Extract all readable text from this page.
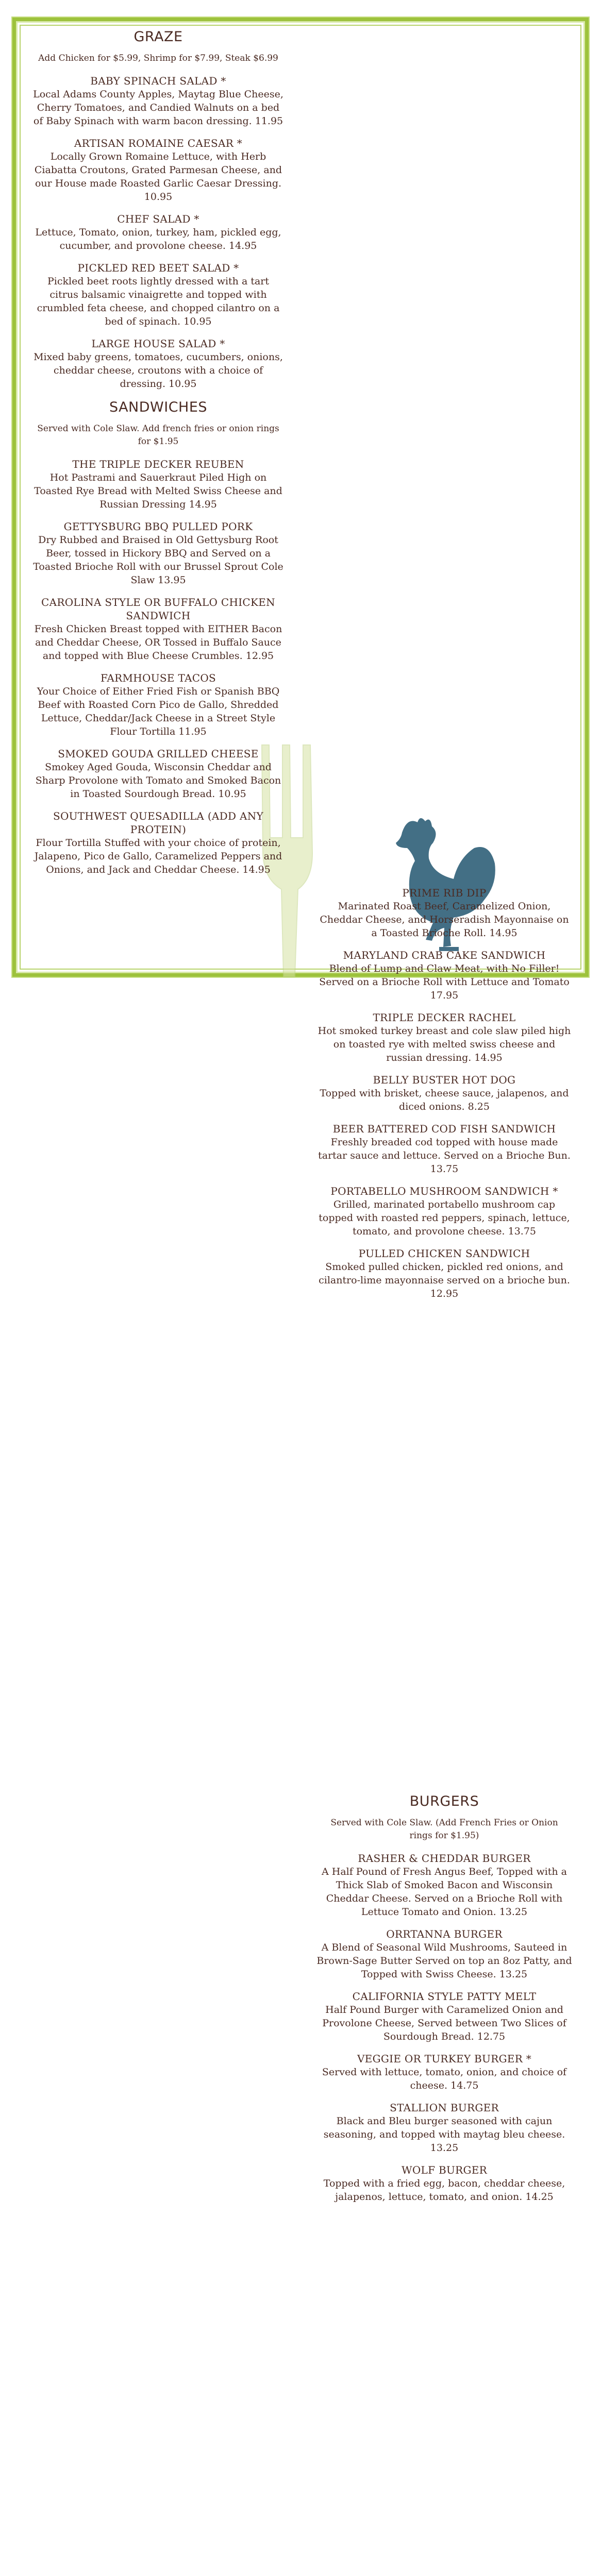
GRAZE
Add Chicken for $5.99, Shrimp for $7.99, Steak $6.99
BABY SPINACH SALAD *
Local Adams County Apples, Maytag Blue Cheese, Cherry Tomatoes, and Candied Walnuts on a bed of Baby Spinach with warm bacon dressing. 11.95
ARTISAN ROMAINE CAESAR *
Locally Grown Romaine Lettuce, with Herb Ciabatta Croutons, Grated Parmesan Cheese, and our House made Roasted Garlic Caesar Dressing. 10.95
CHEF SALAD *
Lettuce, Tomato, onion, turkey, ham, pickled egg, cucumber, and provolone cheese. 14.95
PICKLED RED BEET SALAD *
Pickled beet roots lightly dressed with a tart citrus balsamic vinaigrette and topped with crumbled feta cheese, and chopped cilantro on a bed of spinach. 10.95
LARGE HOUSE SALAD *
Mixed baby greens, tomatoes, cucumbers, onions, cheddar cheese, croutons with a choice of dressing. 10.95
SANDWICHES
Served with Cole Slaw. Add french fries or onion rings for $1.95
THE TRIPLE DECKER REUBEN
Hot Pastrami and Sauerkraut Piled High on Toasted Rye Bread with Melted Swiss Cheese and Russian Dressing 14.95
GETTYSBURG BBQ PULLED PORK
Dry Rubbed and Braised in Old Gettysburg Root Beer, tossed in Hickory BBQ and Served on a Toasted Brioche Roll with our Brussel Sprout Cole Slaw 13.95
CAROLINA STYLE OR BUFFALO CHICKEN SANDWICH
Fresh Chicken Breast topped with EITHER Bacon and Cheddar Cheese, OR Tossed in Buffalo Sauce and topped with Blue Cheese Crumbles. 12.95
FARMHOUSE TACOS
Your Choice of Either Fried Fish or Spanish BBQ Beef with Roasted Corn Pico de Gallo, Shredded Lettuce, Cheddar/Jack Cheese in a Street Style Flour Tortilla 11.95
SMOKED GOUDA GRILLED CHEESE
Smokey Aged Gouda, Wisconsin Cheddar and Sharp Provolone with Tomato and Smoked Bacon in Toasted Sourdough Bread. 10.95
SOUTHWEST QUESADILLA (ADD ANY PROTEIN)
Flour Tortilla Stuffed with your choice of protein, Jalapeno, Pico de Gallo, Caramelized Peppers and Onions, and Jack and Cheddar Cheese. 14.95
PRIME RIB DIP
Marinated Roast Beef, Caramelized Onion, Cheddar Cheese, and Horseradish Mayonnaise on a Toasted Brioche Roll. 14.95
MARYLAND CRAB CAKE SANDWICH
Blend of Lump and Claw Meat, with No Filler! Served on a Brioche Roll with Lettuce and Tomato 17.95
TRIPLE DECKER RACHEL
Hot smoked turkey breast and cole slaw piled high on toasted rye with melted swiss cheese and russian dressing. 14.95
BELLY BUSTER HOT DOG
Topped with brisket, cheese sauce, jalapenos, and diced onions. 8.25
BEER BATTERED COD FISH SANDWICH
Freshly breaded cod topped with house made tartar sauce and lettuce. Served on a Brioche Bun. 13.75
PORTABELLO MUSHROOM SANDWICH *
Grilled, marinated portabello mushroom cap topped with roasted red peppers, spinach, lettuce, tomato, and provolone cheese. 13.75
PULLED CHICKEN SANDWICH
Smoked pulled chicken, pickled red onions, and cilantro-lime mayonnaise served on a brioche bun. 12.95
BURGERS
Served with Cole Slaw. (Add French Fries or Onion rings for $1.95)
RASHER & CHEDDAR BURGER
A Half Pound of Fresh Angus Beef, Topped with a Thick Slab of Smoked Bacon and Wisconsin Cheddar Cheese. Served on a Brioche Roll with Lettuce Tomato and Onion. 13.25
ORRTANNA BURGER
A Blend of Seasonal Wild Mushrooms, Sauteed in Brown-Sage Butter Served on top an 8oz Patty, and Topped with Swiss Cheese. 13.25
CALIFORNIA STYLE PATTY MELT
Half Pound Burger with Caramelized Onion and Provolone Cheese, Served between Two Slices of Sourdough Bread. 12.75
VEGGIE OR TURKEY BURGER *
Served with lettuce, tomato, onion, and choice of cheese. 14.75
STALLION BURGER
Black and Bleu burger seasoned with cajun seasoning, and topped with maytag bleu cheese. 13.25
WOLF BURGER
Topped with a fried egg, bacon, cheddar cheese, jalapenos, lettuce, tomato, and onion. 14.25
